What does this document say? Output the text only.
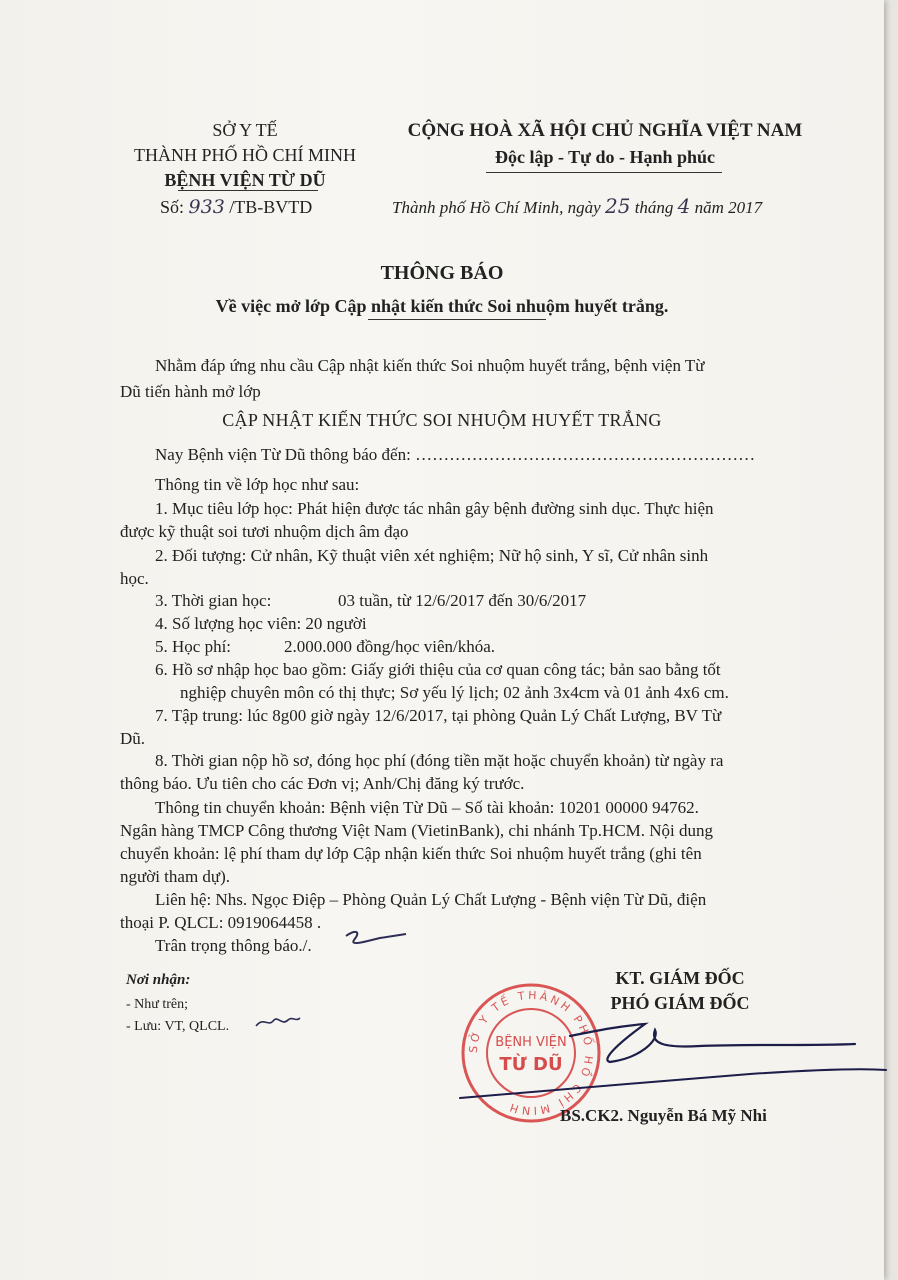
SỞ Y TẾ
THÀNH PHỐ HỒ CHÍ MINH
BỆNH VIỆN TỪ DŨ
Số: 933 /TB-BVTD
CỘNG HOÀ XÃ HỘI CHỦ NGHĨA VIỆT NAM
Độc lập - Tự do - Hạnh phúc
Thành phố Hồ Chí Minh, ngày 25 tháng 4 năm 2017
THÔNG BÁO
Về việc mở lớp Cập nhật kiến thức Soi nhuộm huyết trắng.
Nhằm đáp ứng nhu cầu Cập nhật kiến thức Soi nhuộm huyết trắng, bệnh viện Từ
Dũ tiến hành mở lớp
CẬP NHẬT KIẾN THỨC SOI NHUỘM HUYẾT TRẮNG
Nay Bệnh viện Từ Dũ thông báo đến: ……………………………………………………
Thông tin về lớp học như sau:
1. Mục tiêu lớp học: Phát hiện được tác nhân gây bệnh đường sinh dục. Thực hiện
được kỹ thuật soi tươi nhuộm dịch âm đạo
2. Đối tượng: Cử nhân, Kỹ thuật viên xét nghiệm; Nữ hộ sinh, Y sĩ, Cử nhân sinh
học.
3. Thời gian học:	03 tuần, từ 12/6/2017 đến 30/6/2017
4. Số lượng học viên: 20 người
5. Học phí:	2.000.000 đồng/học viên/khóa.
6. Hồ sơ nhập học bao gồm: Giấy giới thiệu của cơ quan công tác; bản sao bằng tốt
nghiệp chuyên môn có thị thực; Sơ yếu lý lịch; 02 ảnh 3x4cm và 01 ảnh 4x6 cm.
7. Tập trung: lúc 8g00 giờ ngày 12/6/2017, tại phòng Quản Lý Chất Lượng, BV Từ
Dũ.
8. Thời gian nộp hồ sơ, đóng học phí (đóng tiền mặt hoặc chuyển khoản) từ ngày ra
thông báo. Ưu tiên cho các Đơn vị; Anh/Chị đăng ký trước.
Thông tin chuyển khoản: Bệnh viện Từ Dũ – Số tài khoản: 10201 00000 94762.
Ngân hàng TMCP Công thương Việt Nam (VietinBank), chi nhánh Tp.HCM. Nội dung
chuyển khoản: lệ phí tham dự lớp Cập nhận kiến thức Soi nhuộm huyết trắng (ghi tên
người tham dự).
Liên hệ: Nhs. Ngọc Điệp – Phòng Quản Lý Chất Lượng - Bệnh viện Từ Dũ, điện
thoại P. QLCL: 0919064458 .
Trân trọng thông báo./.
Nơi nhận:
- Như trên;
- Lưu: VT, QLCL.
KT. GIÁM ĐỐC
PHÓ GIÁM ĐỐC
SỞ Y TẾ THÀNH PHỐ HỒ CHÍ MINH
BỆNH VIỆN
TỪ DŨ
BS.CK2. Nguyễn Bá Mỹ Nhi
